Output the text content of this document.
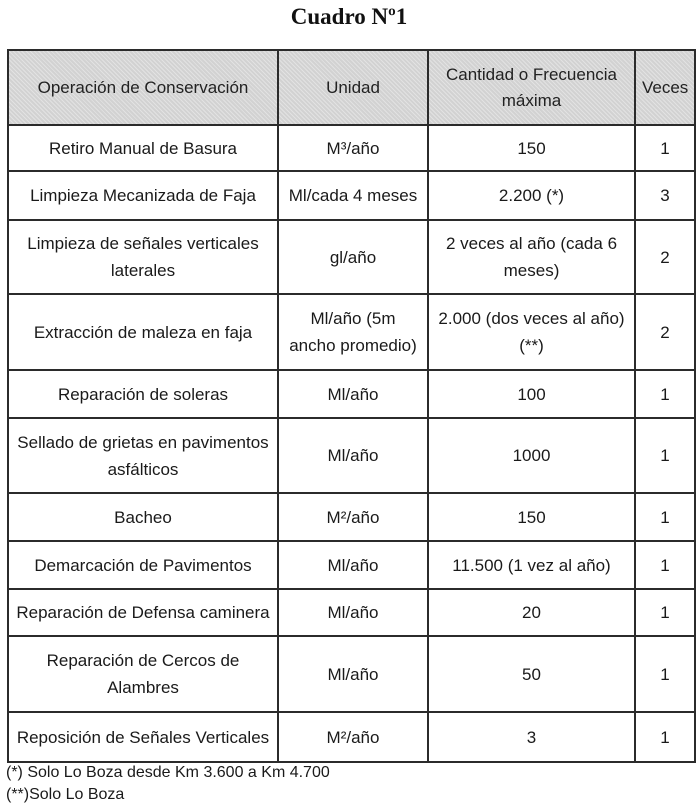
Cuadro Nº1
Operación de Conservación	Unidad	Cantidad o Frecuencia máxima	Veces
Retiro Manual de Basura	M³/año	150	1
Limpieza Mecanizada de Faja	Ml/cada 4 meses	2.200 (*)	3
Limpieza de señales verticales laterales	gl/año	2 veces al año (cada 6 meses)	2
Extracción de maleza en faja	Ml/año (5m ancho promedio)	2.000 (dos veces al año) (**)	2
Reparación de soleras	Ml/año	100	1
Sellado de grietas en pavimentos asfálticos	Ml/año	1000	1
Bacheo	M²/año	150	1
Demarcación de Pavimentos	Ml/año	11.500 (1 vez al año)	1
Reparación de Defensa caminera	Ml/año	20	1
Reparación de Cercos de Alambres	Ml/año	50	1
Reposición de Señales Verticales	M²/año	3	1
(*) Solo Lo Boza desde Km 3.600 a Km 4.700
(**)Solo Lo Boza
